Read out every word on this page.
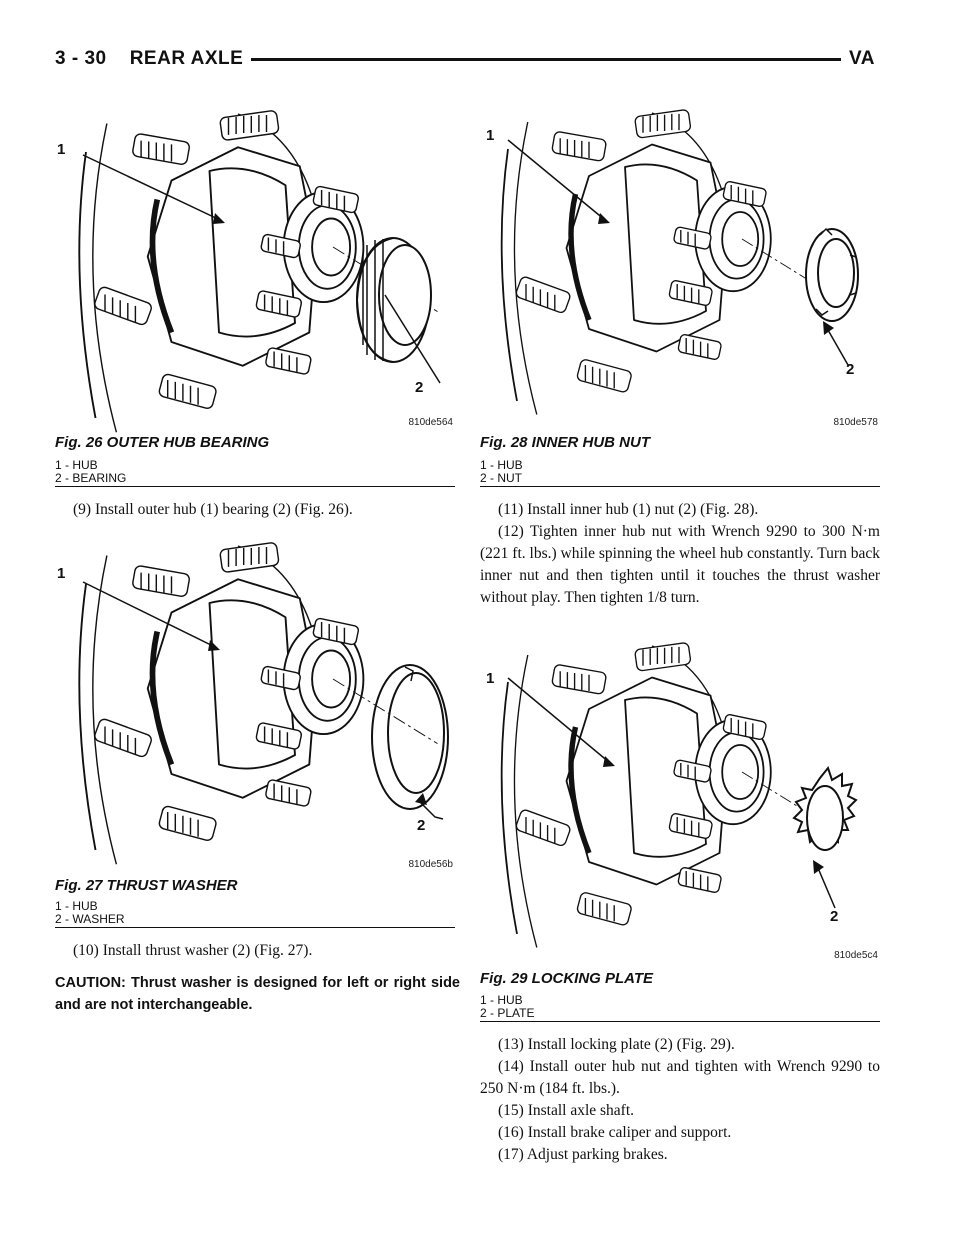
3 - 30    REAR AXLE	VA
1
2
810de564
Fig. 26 OUTER HUB BEARING
1 - HUB
2 - BEARING
(9) Install outer hub (1) bearing (2) (Fig. 26).
1
2
810de56b
Fig. 27 THRUST WASHER
1 - HUB
2 - WASHER
(10) Install thrust washer (2) (Fig. 27).
CAUTION: Thrust washer is designed for left or right side and are not interchangeable.
1
2
810de578
Fig. 28 INNER HUB NUT
1 - HUB
2 - NUT
(11) Install inner hub (1) nut (2) (Fig. 28).
(12) Tighten inner hub nut with Wrench 9290 to 300 N·m (221 ft. lbs.) while spinning the wheel hub constantly. Turn back inner nut and then tighten until it touches the thrust washer without play. Then tighten 1/8 turn.
1
2
810de5c4
Fig. 29 LOCKING PLATE
1 - HUB
2 - PLATE
(13) Install locking plate (2) (Fig. 29).
(14) Install outer hub nut and tighten with Wrench 9290 to 250 N·m (184 ft. lbs.).
(15) Install axle shaft.
(16) Install brake caliper and support.
(17) Adjust parking brakes.
